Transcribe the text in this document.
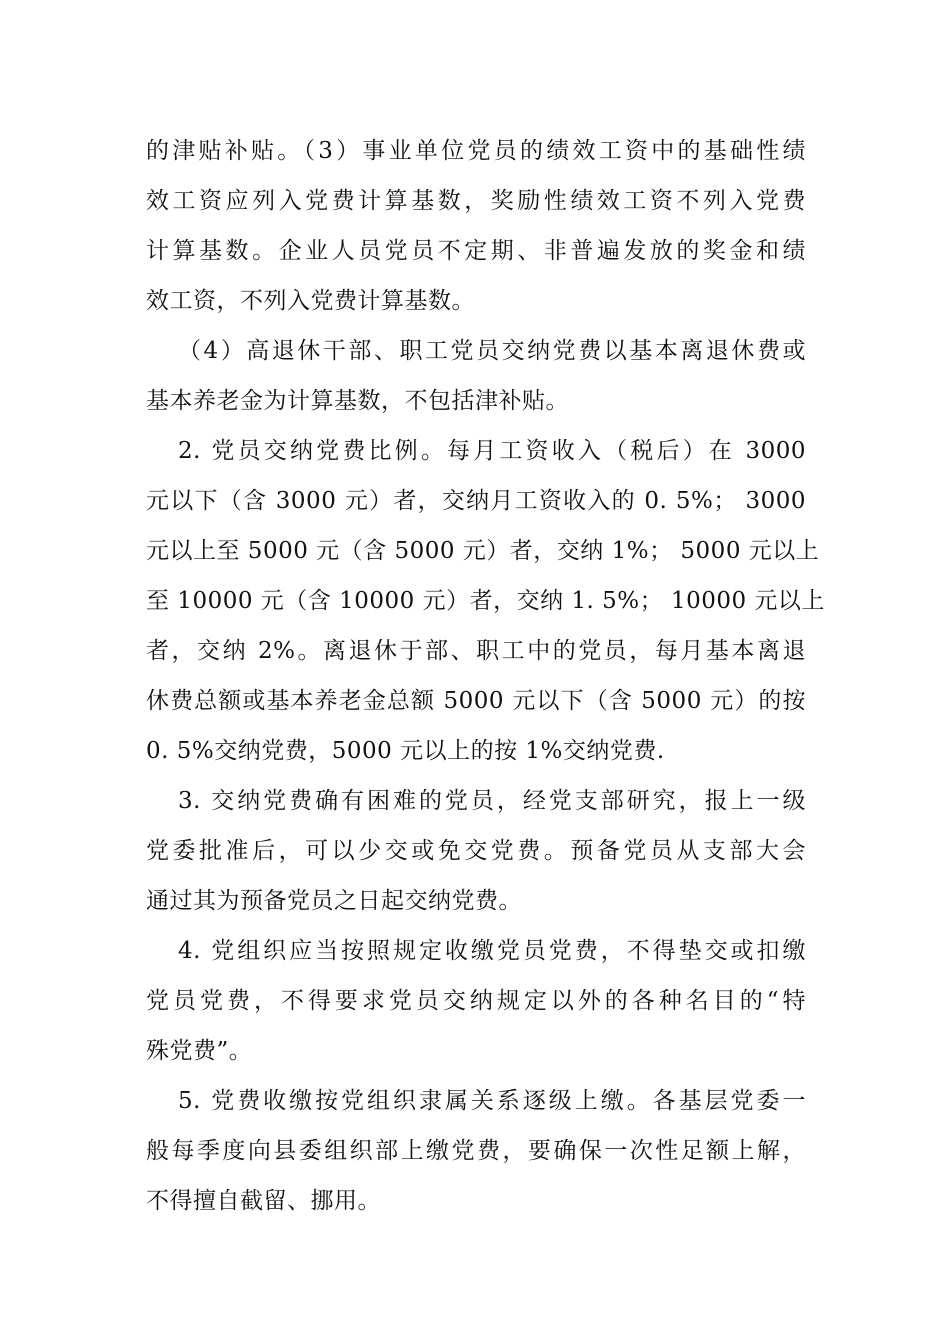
的津贴补贴。（3）事业单位党员的绩效工资中的基础性绩
效工资应列入党费计算基数，奖励性绩效工资不列入党费
计算基数。企业人员党员不定期、非普遍发放的奖金和绩
效工资，不列入党费计算基数。
（4）高退休干部、职工党员交纳党费以基本离退休费或
基本养老金为计算基数，不包括津补贴。
2. 党员交纳党费比例。每月工资收入（税后）在 3000
元以下（含 3000 元）者，交纳月工资收入的 0. 5%； 3000
元以上至 5000 元（含 5000 元）者，交纳 1%； 5000 元以上
至 10000 元（含 10000 元）者，交纳 1. 5%； 10000 元以上
者，交纳 2%。离退休于部、职工中的党员，每月基本离退
休费总额或基本养老金总额 5000 元以下（含 5000 元）的按
0. 5%交纳党费，5000 元以上的按 1%交纳党费.
3. 交纳党费确有困难的党员，经党支部研究，报上一级
党委批准后，可以少交或免交党费。预备党员从支部大会
通过其为预备党员之日起交纳党费。
4. 党组织应当按照规定收缴党员党费，不得垫交或扣缴
党员党费，不得要求党员交纳规定以外的各种名目的“特
殊党费”。
5. 党费收缴按党组织隶属关系逐级上缴。各基层党委一
般每季度向县委组织部上缴党费，要确保一次性足额上解，
不得擅自截留、挪用。
